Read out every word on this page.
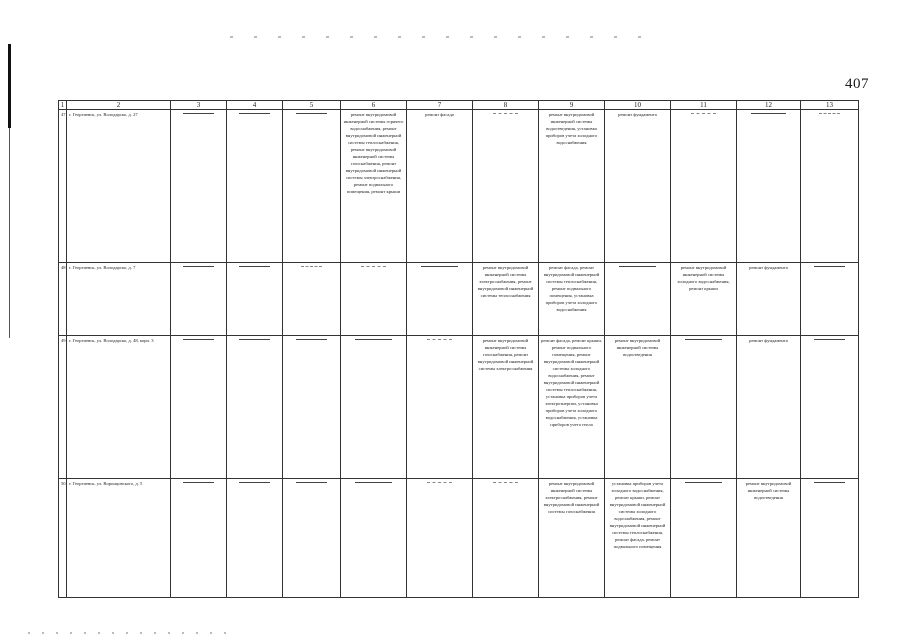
407
1	2	3	4	5	6	7	8	9	10	11	12	13
47	г. Георгиевск, ул. Володарско, д. 27				ремонт внутридомовой инженерной системы горячего водоснабжения, ремонт внутридомовой инженерной системы теплоснабжения, ремонт внутридомовой инженерной системы газоснабжения, ремонт внутридомовой инженерной системы электроснабжения, ремонт подвального помещения, ремонт крыши	ремонт фасада		ремонт внутридомовой инженерной системы водоотведения, установка приборов учета холодного водоснабжения	ремонт фундамента	

48	г. Георгиевск, ул. Володарско, д. 7						ремонт внутридомовой инженерной системы электроснабжения, ремонт внутридомовой инженерной системы теплоснабжения	ремонт фасада, ремонт внутридомовой инженерной системы теплоснабжения, ремонт подвального помещения, установка приборов учета холодного водоснабжения		ремонт внутридомовой инженерной системы холодного водоснабжения, ремонт крыши	ремонт фундамента	

49	г. Георгиевск, ул. Володарско, д. 48, корп. 3						ремонт внутридомовой инженерной системы газоснабжения, ремонт внутридомовой инженерной системы электроснабжения	ремонт фасада, ремонт крыши, ремонт подвального помещения, ремонт внутридомовой инженерной системы холодного водоснабжения, ремонт внутридомовой инженерной системы теплоснабжения, установка приборов учета электроэнергии, установка приборов учета холодного водоснабжения, установка приборов учета тепла	ремонт внутридомовой инженерной системы водоотведения		ремонт фундамента	

50	г. Георгиевск, ул. Воронцовского, д. 5							ремонт внутридомовой инженерной системы электроснабжения, ремонт внутридомовой инженерной системы газоснабжения	установка приборов учета холодного водоснабжения, ремонт крыши, ремонт внутридомовой инженерной системы холодного водоснабжения, ремонт внутридомовой инженерной системы теплоснабжения, ремонт фасада, ремонт подвального помещения		ремонт внутридомовой инженерной системы водоотведения	
